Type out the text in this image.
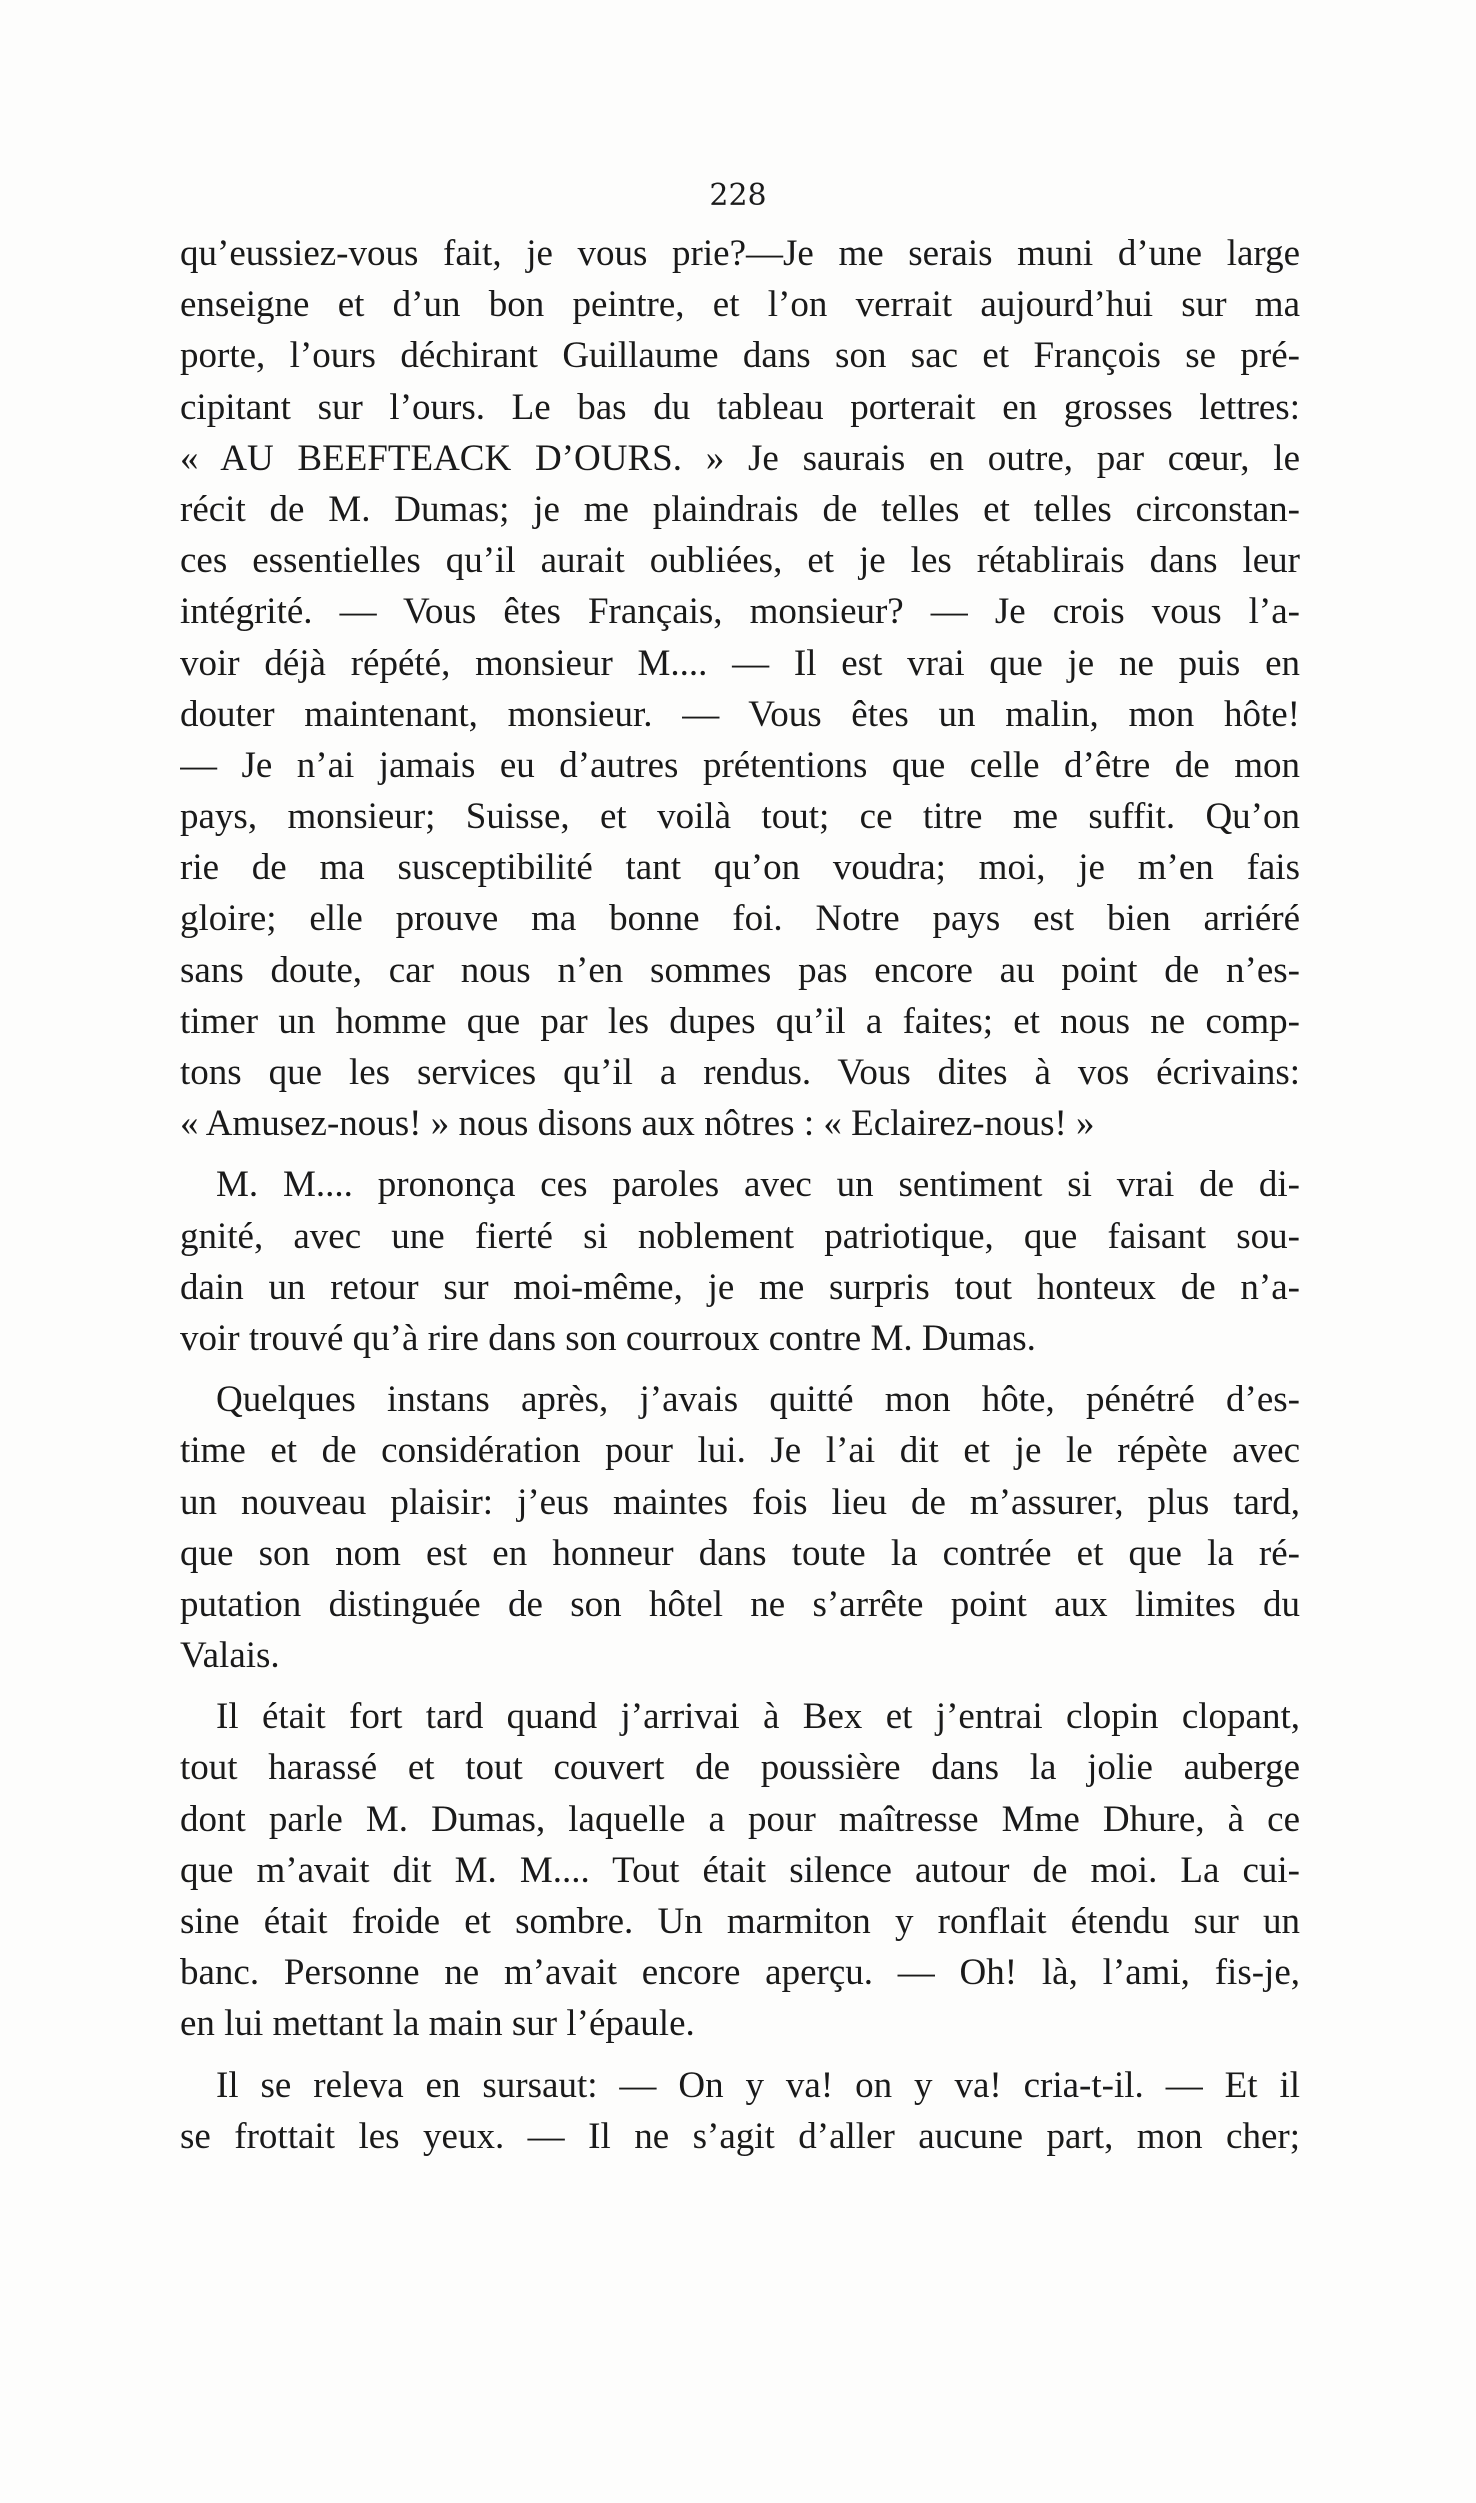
228
qu’eussiez-vous fait, je vous prie?—Je me serais muni d’une large
enseigne et d’un bon peintre, et l’on verrait aujourd’hui sur ma
porte, l’ours déchirant Guillaume dans son sac et François se pré-
cipitant sur l’ours. Le bas du tableau porterait en grosses lettres:
« AU BEEFTEACK D’OURS. » Je saurais en outre, par cœur, le
récit de M. Dumas; je me plaindrais de telles et telles circonstan-
ces essentielles qu’il aurait oubliées, et je les rétablirais dans leur
intégrité. — Vous êtes Français, monsieur? — Je crois vous l’a-
voir déjà répété, monsieur M.... — Il est vrai que je ne puis en
douter maintenant, monsieur. — Vous êtes un malin, mon hôte!
— Je n’ai jamais eu d’autres prétentions que celle d’être de mon
pays, monsieur; Suisse, et voilà tout; ce titre me suffit. Qu’on
rie de ma susceptibilité tant qu’on voudra; moi, je m’en fais
gloire; elle prouve ma bonne foi. Notre pays est bien arriéré
sans doute, car nous n’en sommes pas encore au point de n’es-
timer un homme que par les dupes qu’il a faites; et nous ne comp-
tons que les services qu’il a rendus. Vous dites à vos écrivains:
« Amusez-nous! » nous disons aux nôtres : « Eclairez-nous! »
M. M.... prononça ces paroles avec un sentiment si vrai de di-
gnité, avec une fierté si noblement patriotique, que faisant sou-
dain un retour sur moi-même, je me surpris tout honteux de n’a-
voir trouvé qu’à rire dans son courroux contre M. Dumas.
Quelques instans après, j’avais quitté mon hôte, pénétré d’es-
time et de considération pour lui. Je l’ai dit et je le répète avec
un nouveau plaisir: j’eus maintes fois lieu de m’assurer, plus tard,
que son nom est en honneur dans toute la contrée et que la ré-
putation distinguée de son hôtel ne s’arrête point aux limites du
Valais.
Il était fort tard quand j’arrivai à Bex et j’entrai clopin clopant,
tout harassé et tout couvert de poussière dans la jolie auberge
dont parle M. Dumas, laquelle a pour maîtresse Mme Dhure, à ce
que m’avait dit M. M.... Tout était silence autour de moi. La cui-
sine était froide et sombre. Un marmiton y ronflait étendu sur un
banc. Personne ne m’avait encore aperçu. — Oh! là, l’ami, fis-je,
en lui mettant la main sur l’épaule.
Il se releva en sursaut: — On y va! on y va! cria-t-il. — Et il
se frottait les yeux. — Il ne s’agit d’aller aucune part, mon cher;
